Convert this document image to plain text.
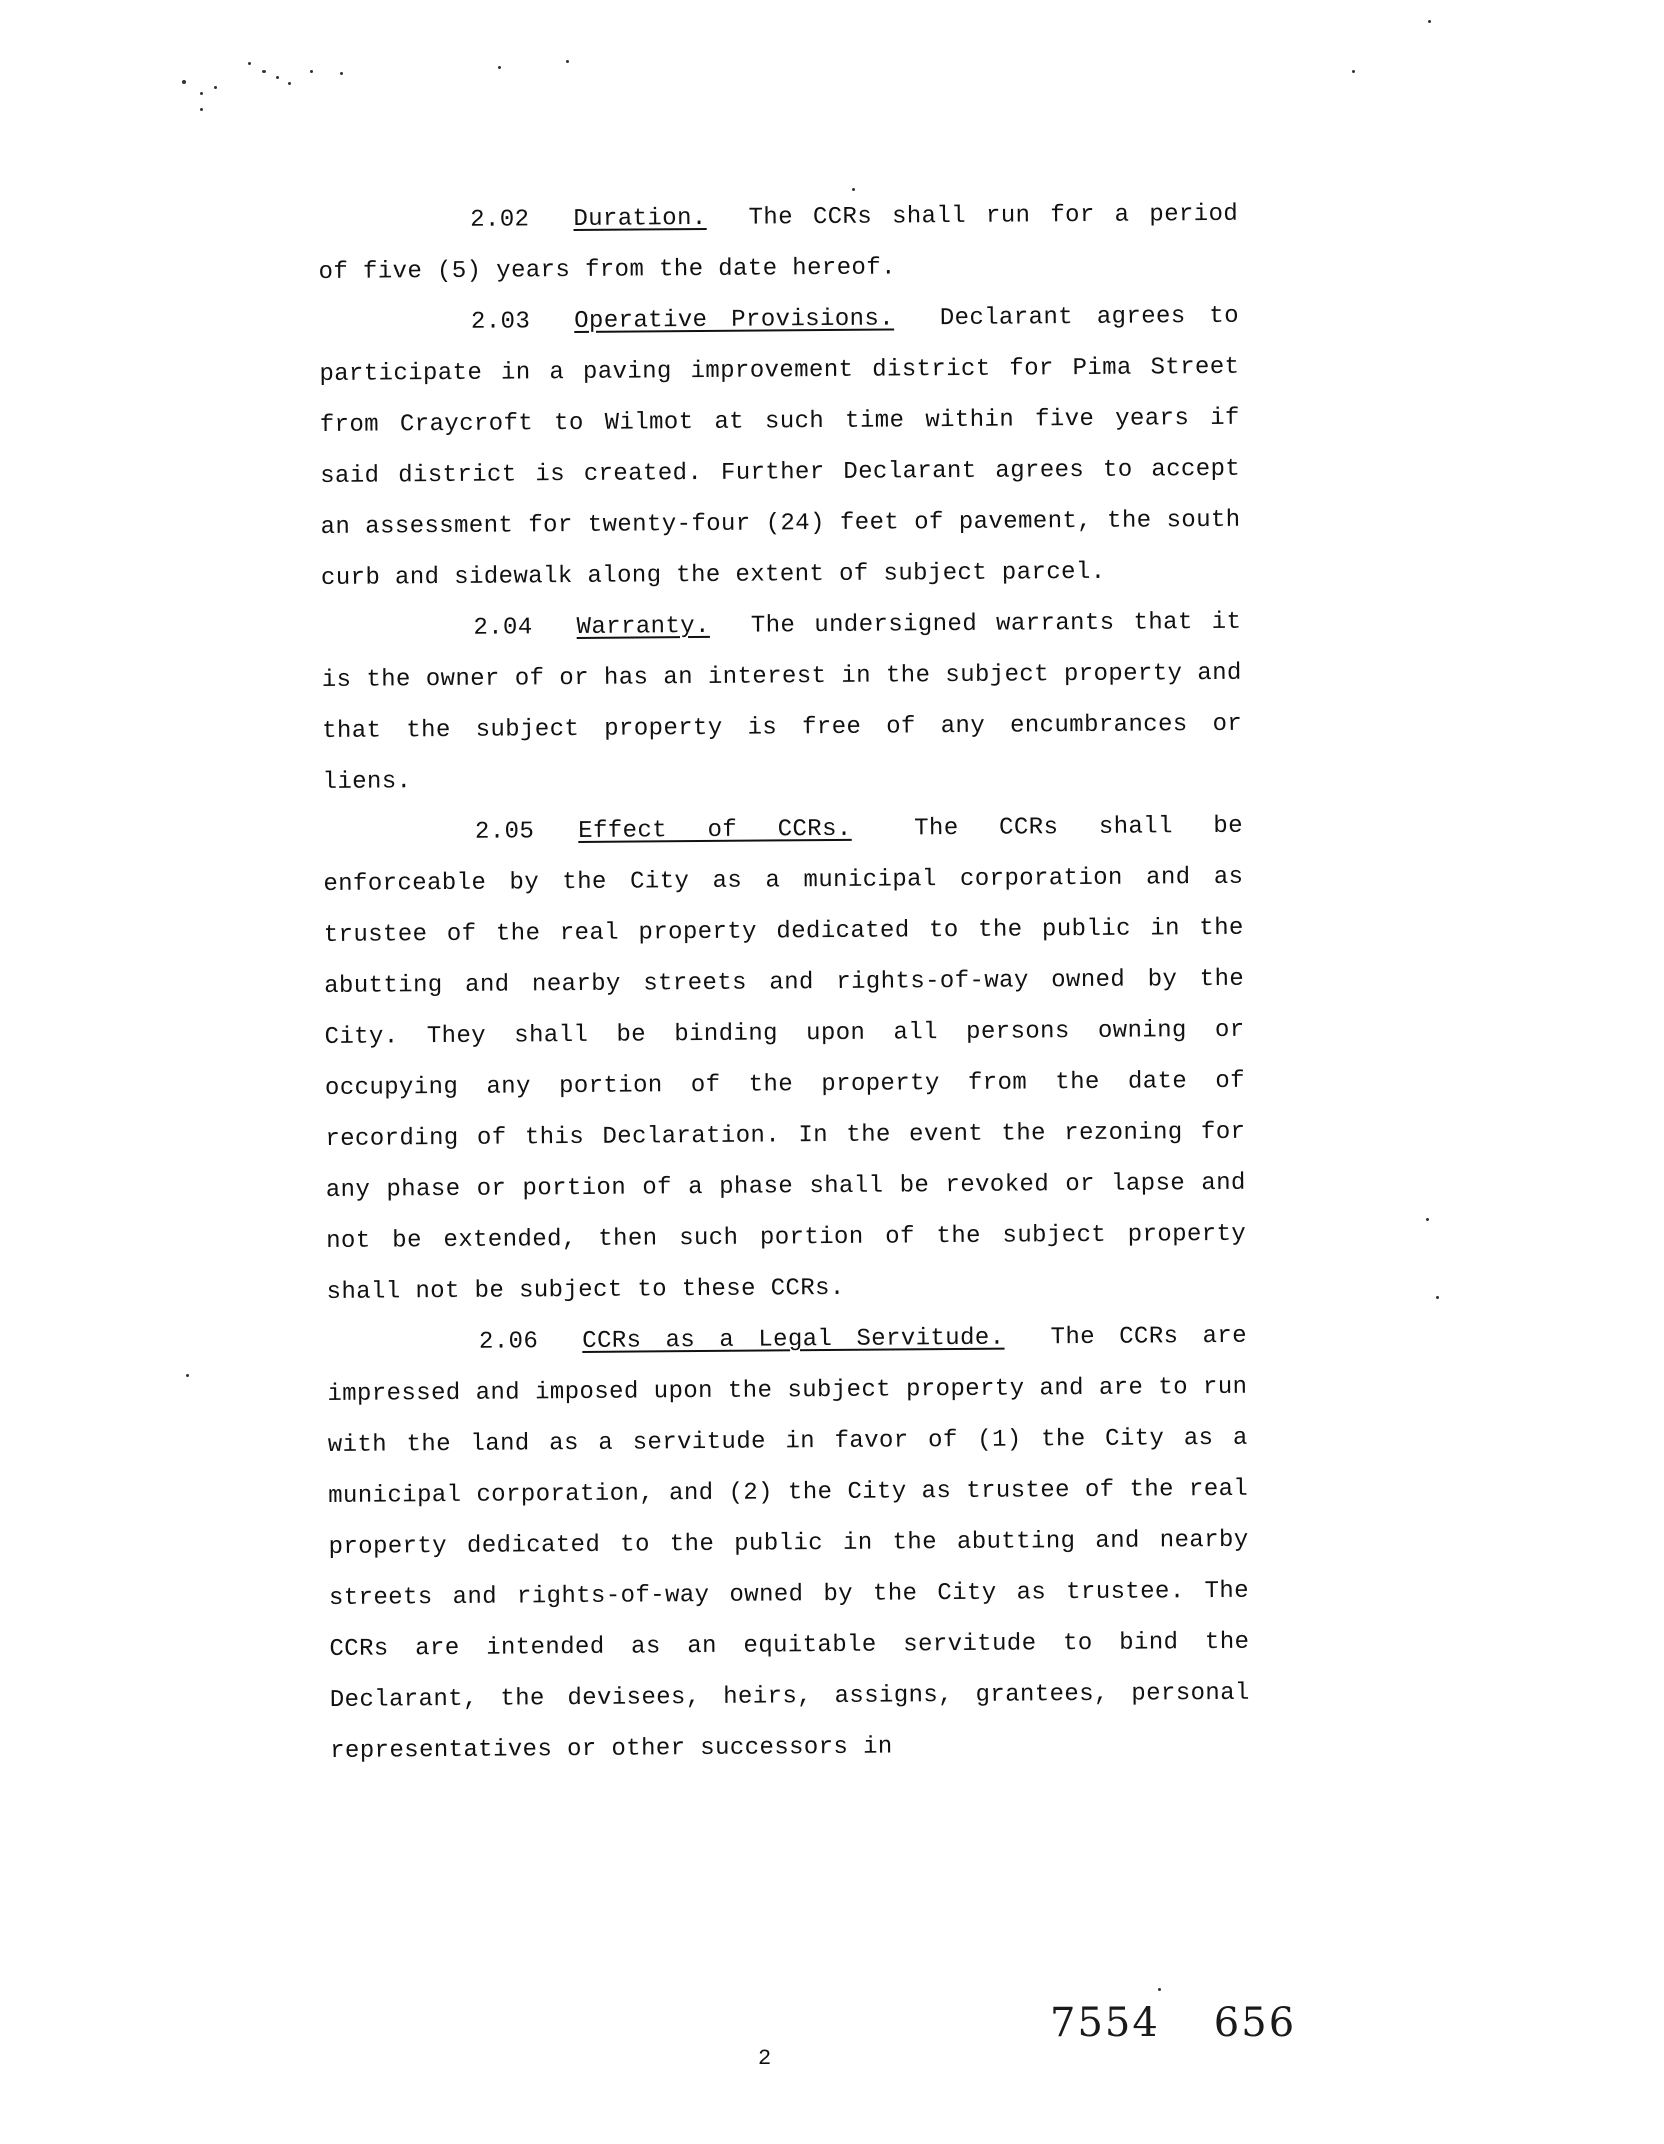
2.02 Duration. The CCRs shall run for a period of five (5) years from the date hereof.

2.03 Operative Provisions. Declarant agrees to participate in a paving improvement district for Pima Street from Craycroft to Wilmot at such time within five years if said district is created. Further Declarant agrees to accept an assessment for twenty-four (24) feet of pavement, the south curb and sidewalk along the extent of subject parcel.

2.04 Warranty. The undersigned warrants that it is the owner of or has an interest in the subject property and that the subject property is free of any encumbrances or liens.

2.05 Effect of CCRs.	The CCRs shall be enforceable by the City as a municipal corporation and as trustee of the real property dedicated to the public in the abutting and nearby streets and rights-of-way owned by the City. They shall be binding upon all persons owning or occupying any portion of the property from the date of recording of this Declaration. In the event the rezoning for any phase or portion of a phase shall be revoked or lapse and not be extended, then such portion of the subject property shall not be subject to these CCRs.

2.06 CCRs as a Legal Servitude. The CCRs are impressed and imposed upon the subject property and are to run with the land as a servitude in favor of (1) the City as a municipal corporation, and (2) the City as trustee of the real property dedicated to the public in the abutting and nearby streets and rights-of-way owned by the City as trustee. The CCRs are intended as an equitable servitude to bind the Declarant, the devisees, heirs, assigns, grantees, personal representatives or other successors in

7554 656
2
